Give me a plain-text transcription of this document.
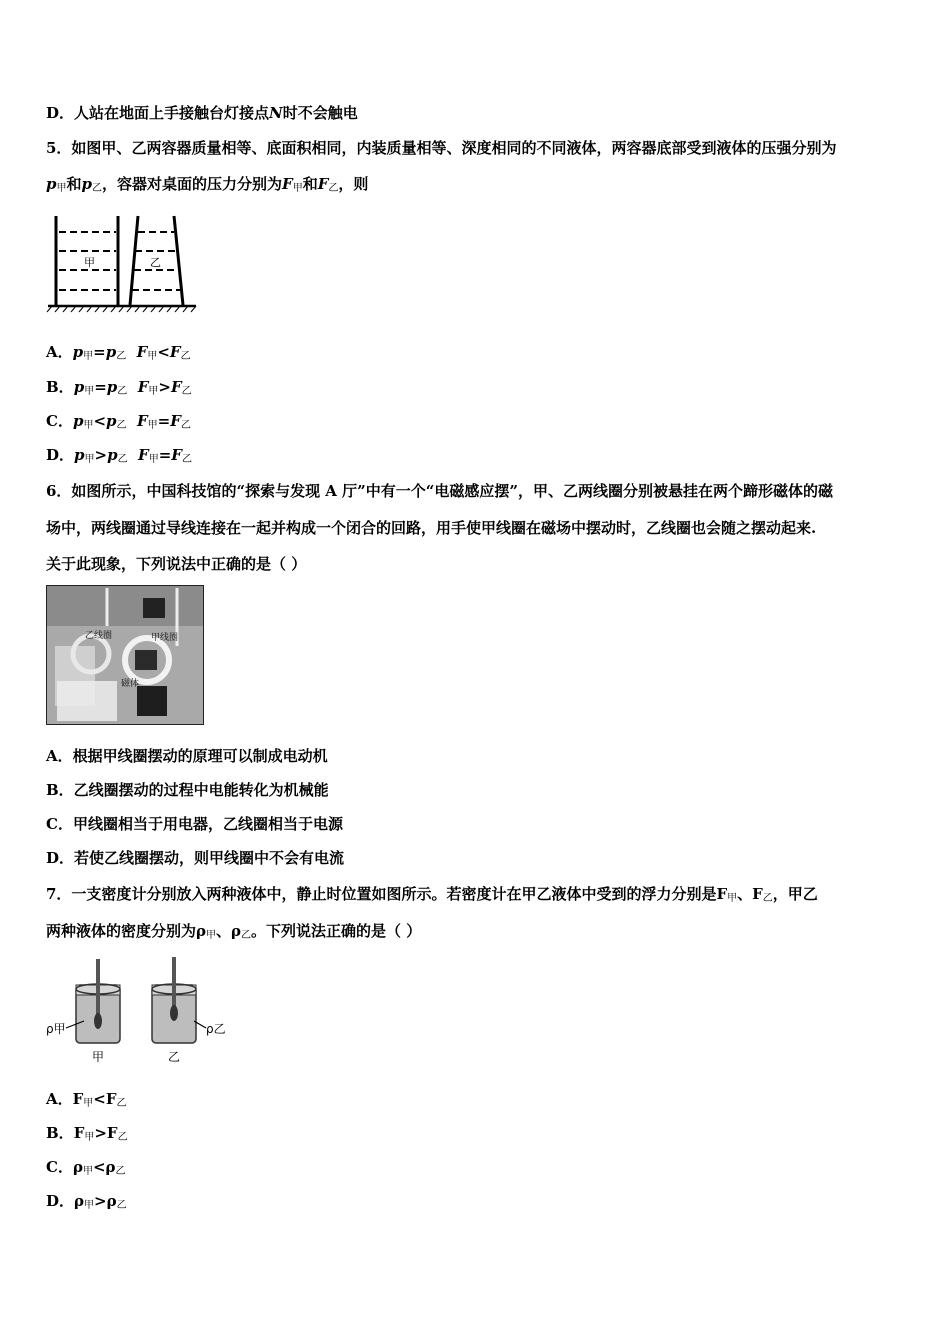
D．人站在地面上手接触台灯接点N时不会触电
5．如图甲、乙两容器质量相等、底面积相同，内装质量相等、深度相同的不同液体，两容器底部受到液体的压强分别为
$p_甲$和$p_乙$，容器对桌面的压力分别为$F_甲$和$F_乙$，则
甲	乙
A．$p_甲=p_乙$ $F_甲<F_乙$
B．$p_甲=p_乙$ $F_甲>F_乙$
C．$p_甲<p_乙$ $F_甲=F_乙$
D．$p_甲>p_乙$ $F_甲=F_乙$
6．如图所示，中国科技馆的“探索与发现 A 厅”中有一个“电磁感应摆”，甲、乙两线圈分别被悬挂在两个蹄形磁体的磁
场中，两线圈通过导线连接在一起并构成一个闭合的回路，用手使甲线圈在磁场中摆动时，乙线圈也会随之摆动起来.
关于此现象，下列说法中正确的是（ ）
乙线圈	甲线圈
磁体
A．根据甲线圈摆动的原理可以制成电动机
B．乙线圈摆动的过程中电能转化为机械能
C．甲线圈相当于用电器，乙线圈相当于电源
D．若使乙线圈摆动，则甲线圈中不会有电流
7．一支密度计分别放入两种液体中，静止时位置如图所示。若密度计在甲乙液体中受到的浮力分别是$F_甲$、$F_乙$，甲乙
两种液体的密度分别为$\rho_甲$、$\rho_乙$。下列说法正确的是（ ）
ρ甲	ρ乙
甲	乙
A．$F_甲<F_乙$
B．$F_甲>F_乙$
C．$\rho_甲<\rho_乙$
D．$\rho_甲>\rho_乙$
